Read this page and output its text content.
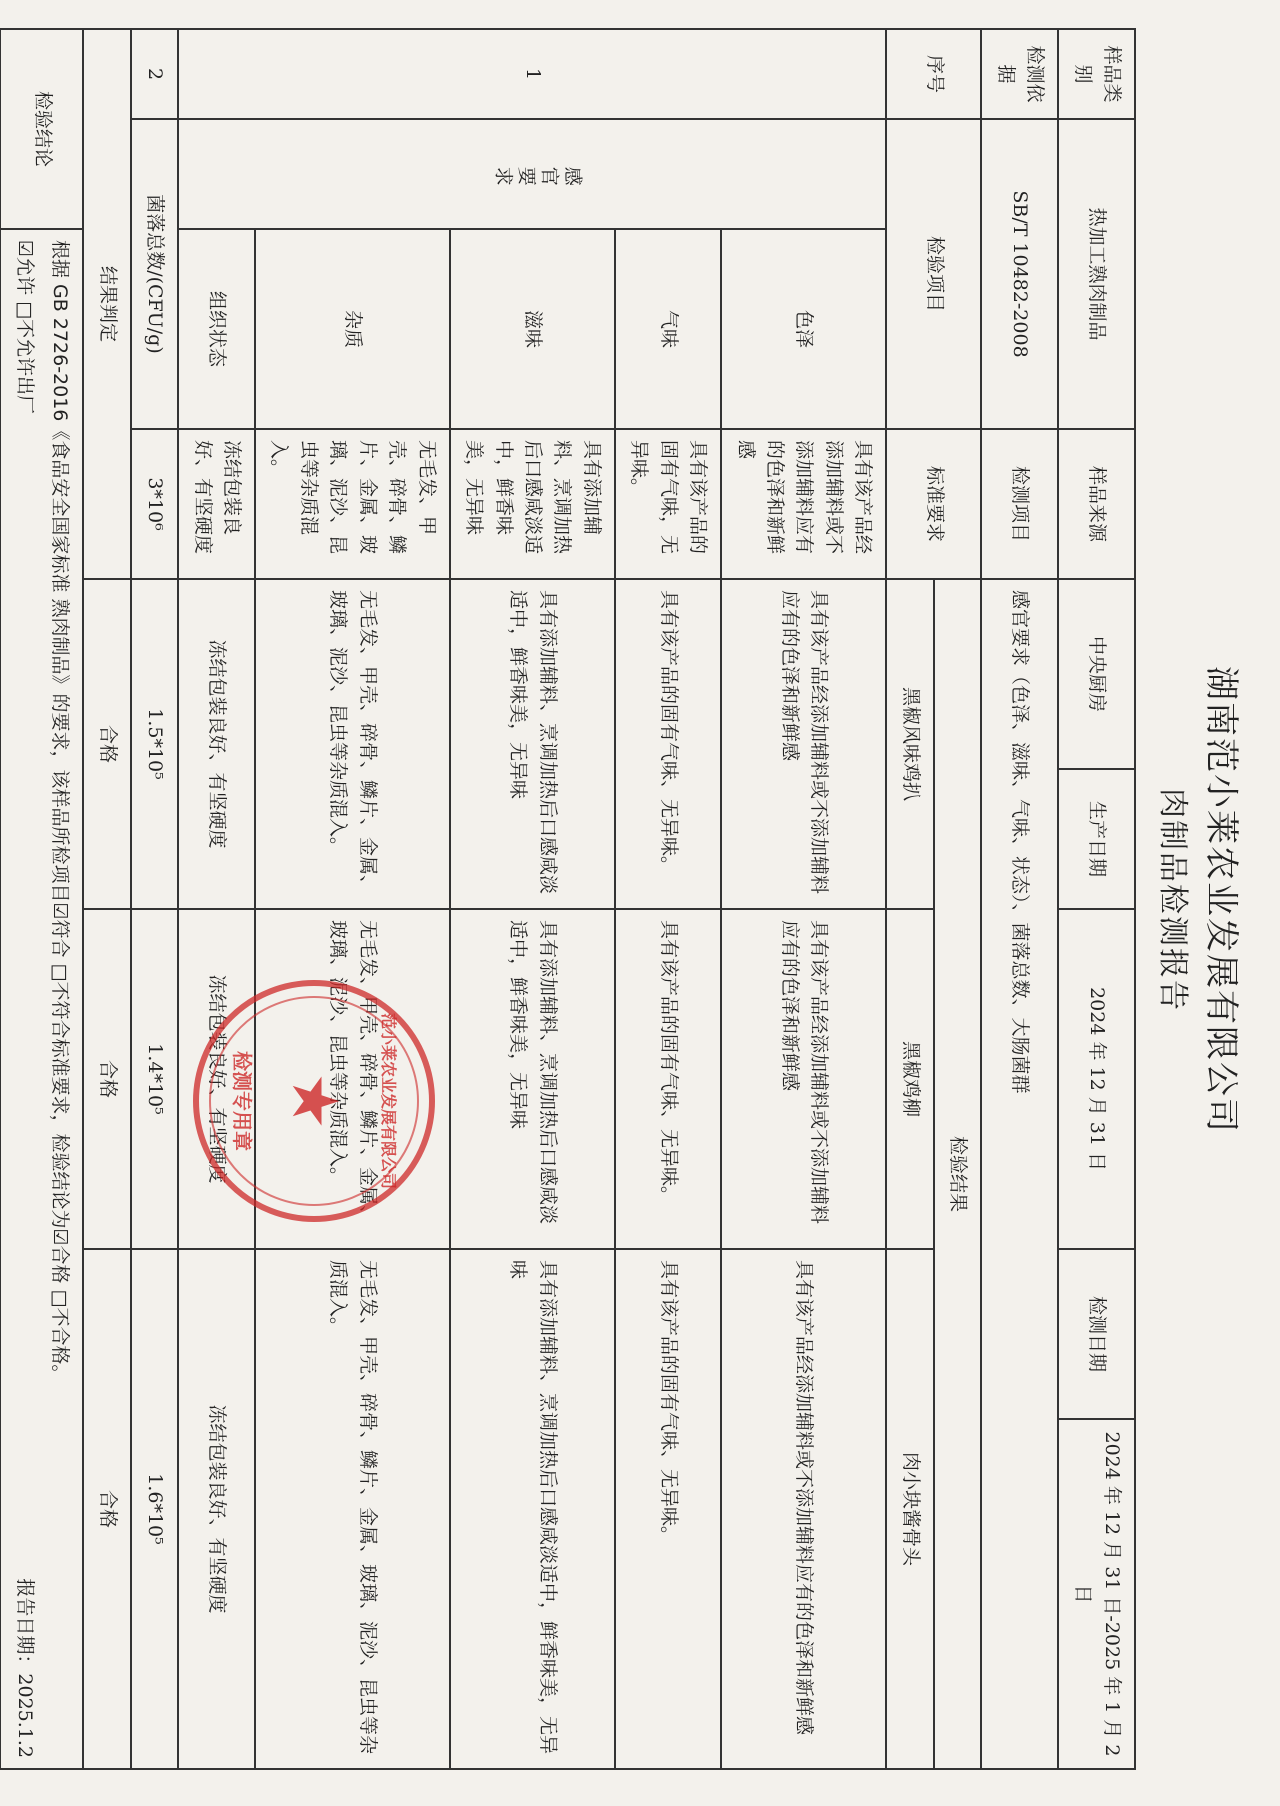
湖南范小莱农业发展有限公司
肉制品检测报告
样品类别	热加工熟肉制品		样品来源	中央厨房	生产日期	2024 年 12 月 31 日	检测日期	2024 年 12 月 31 日-2025 年 1 月 2 日
检测依据	SB/T 10482-2008		检测项目	感官要求（色泽、滋味、气味、状态）、菌落总数、大肠菌群				
序号	检验项目		标准要求	检验结果				
				黑椒风味鸡扒		黑椒鸡柳	肉小块酱骨头	
1	感官要求	色泽	具有该产品经添加辅料或不添加辅料应有的色泽和新鲜感	具有该产品经添加辅料或不添加辅料应有的色泽和新鲜感		具有该产品经添加辅料或不添加辅料应有的色泽和新鲜感	具有该产品经添加辅料或不添加辅料应有的色泽和新鲜感	
		气味	具有该产品的固有气味，无异味。	具有该产品的固有气味、无异味。		具有该产品的固有气味、无异味。	具有该产品的固有气味、无异味。	
		滋味	具有添加辅料、烹调加热后口感咸淡适中，鲜香味美，无异味	具有添加辅料、烹调加热后口感咸淡适中，鲜香味美，无异味		具有添加辅料、烹调加热后口感咸淡适中，鲜香味美，无异味	具有添加辅料、烹调加热后口感咸淡适中，鲜香味美，无异味	
		杂质	无毛发、甲壳、碎骨、鳞片、金属、玻璃、泥沙、昆虫等杂质混入。	无毛发、甲壳、碎骨、鳞片、金属、玻璃、泥沙、昆虫等杂质混入。		无毛发、甲壳、碎骨、鳞片、金属、玻璃、泥沙、昆虫等杂质混入。	无毛发、甲壳、碎骨、鳞片、金属、玻璃、泥沙、昆虫等杂质混入。	
		组织状态	冻结包装良好、有坚硬度	冻结包装良好、有坚硬度		冻结包装良好、有坚硬度	冻结包装良好、有坚硬度	
2	菌落总数/(CFU/g)		3*10⁶	1.5*10⁵		1.4*10⁵	1.6*10⁵	
结果判定				合格		合格	合格	
检验结论		根据 GB 2726-2016《食品安全国家标准 熟肉制品》的要求，该样品所检项目☑符合 □不符合标准要求，检验结论为☑合格 □不合格。
☑允许 □不允许出厂
报告日期：2025.1.2						

范小莱农业发展有限公司
★
检测专用章
